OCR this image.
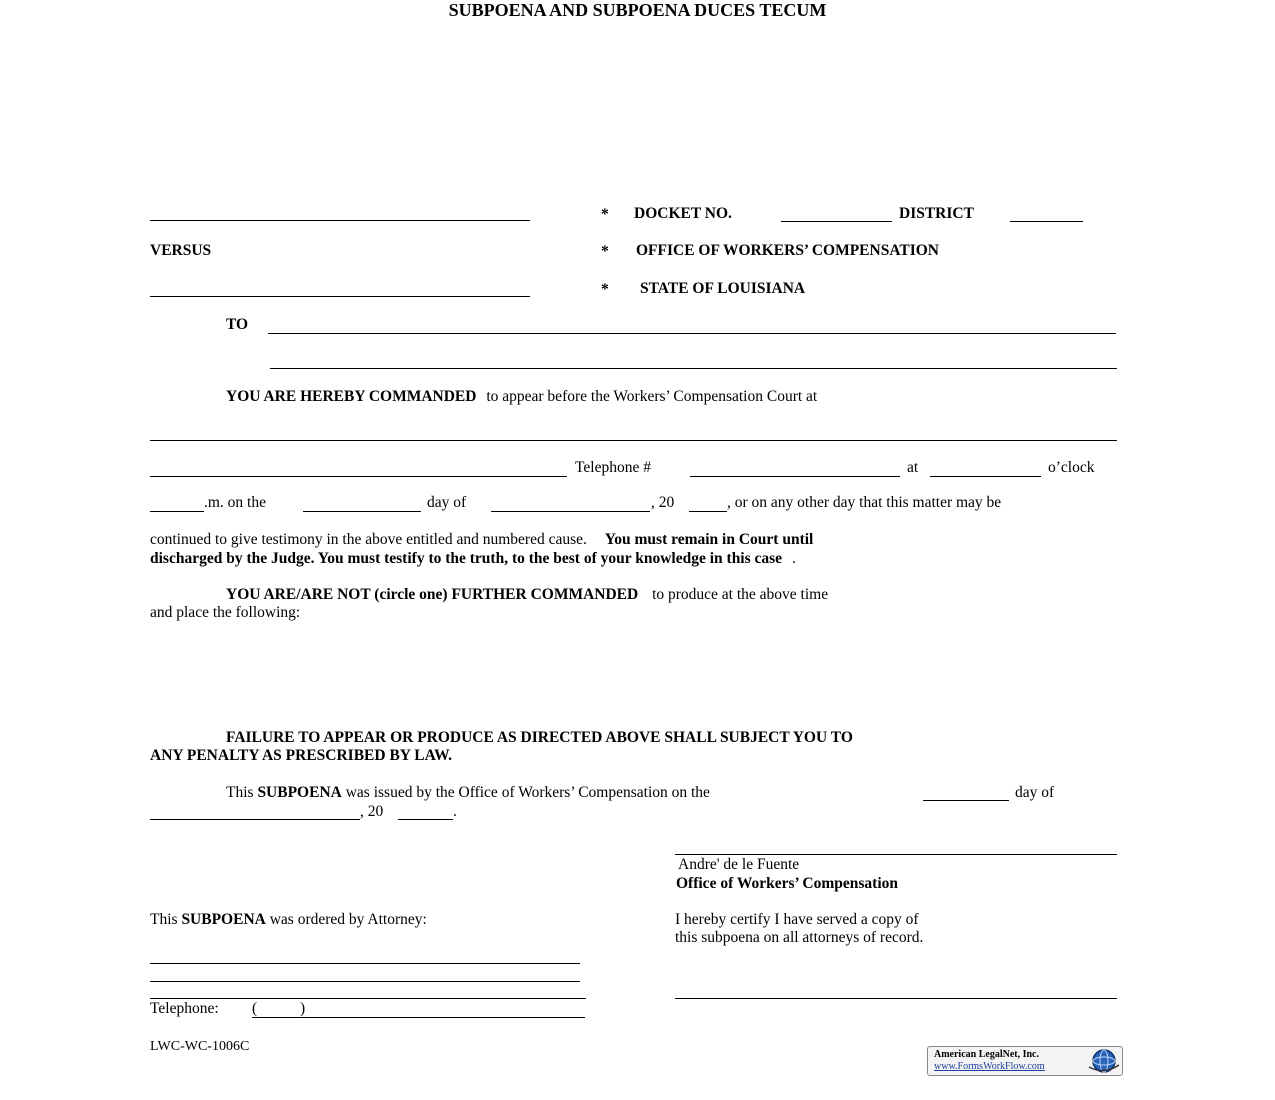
SUBPOENA AND SUBPOENA DUCES TECUM
VERSUS
* DOCKET NO.	DISTRICT
* OFFICE OF WORKERS’ COMPENSATION
* STATE OF LOUISIANA
TO
YOU ARE HEREBY COMMANDED to appear before the Workers’ Compensation Court at
Telephone #	at	o’clock
.m. on the	day of	, 20	, or on any other day that this matter may be
continued to give testimony in the above entitled and numbered cause. You must remain in Court until
discharged by the Judge. You must testify to the truth, to the best of your knowledge in this case .
YOU ARE/ARE NOT (circle one) FURTHER COMMANDED to produce at the above time
and place the following:
FAILURE TO APPEAR OR PRODUCE AS DIRECTED ABOVE SHALL SUBJECT YOU TO
ANY PENALTY AS PRESCRIBED BY LAW.
This SUBPOENA was issued by the Office of Workers’ Compensation on the	day of
, 20	.
Andre' de le Fuente
Office of Workers’ Compensation
This SUBPOENA was ordered by Attorney:
Telephone: (	)
I hereby certify I have served a copy of
this subpoena on all attorneys of record.
LWC-WC-1006C
American LegalNet, Inc.
www.FormsWorkFlow.com
